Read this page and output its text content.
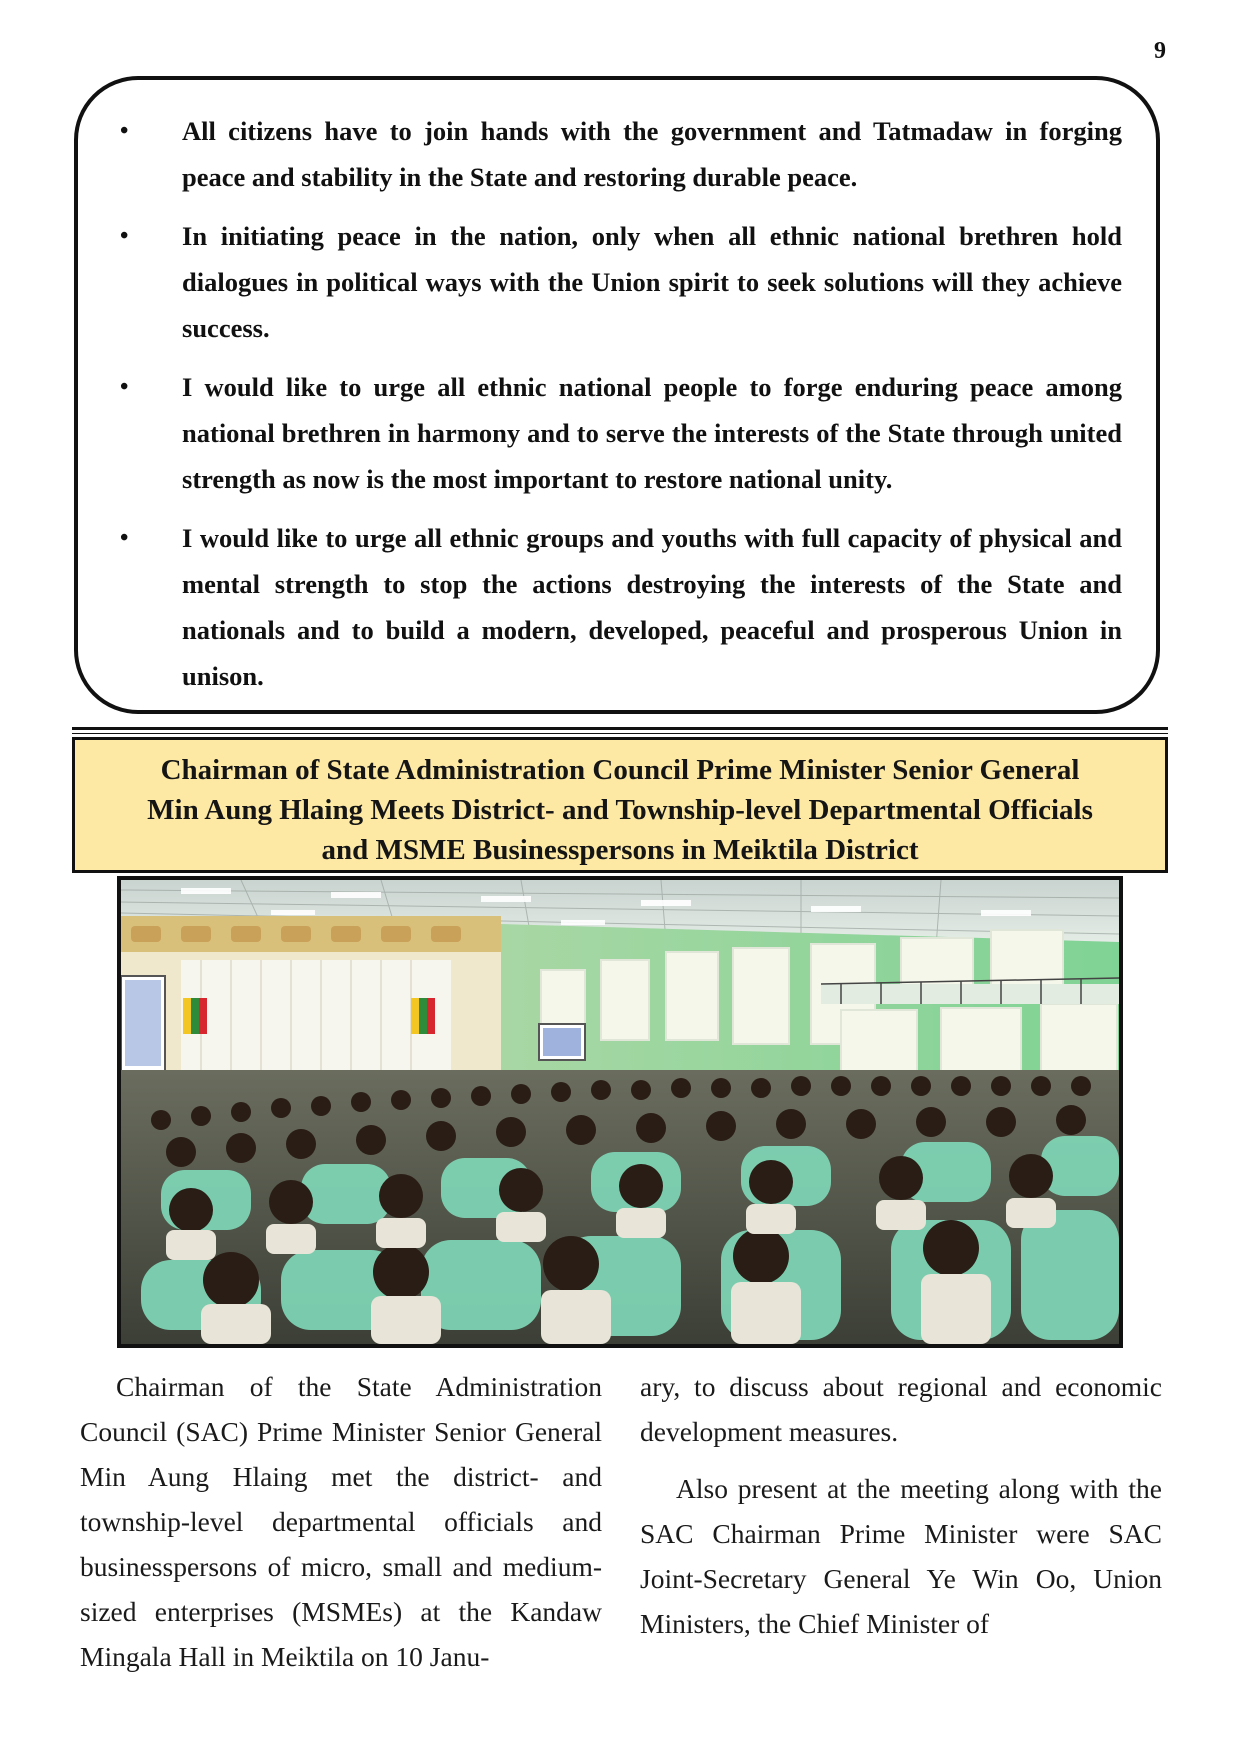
9
• All citizens have to join hands with the government and Tatmadaw in forging peace and stability in the State and restoring durable peace.
• In initiating peace in the nation, only when all ethnic national brethren hold dialogues in political ways with the Union spirit to seek solutions will they achieve success.
• I would like to urge all ethnic national people to forge enduring peace among national brethren in harmony and to serve the interests of the State through united strength as now is the most important to restore national unity.
• I would like to urge all ethnic groups and youths with full capacity of physical and mental strength to stop the actions destroying the interests of the State and nationals and to build a modern, developed, peaceful and prosperous Union in unison.
Chairman of State Administration Council Prime Minister Senior General
Min Aung Hlaing Meets District- and Township-level Departmental Officials
and MSME Businesspersons in Meiktila District

Chairman of the State Administration Council (SAC) Prime Minister Senior General Min Aung Hlaing met the district- and township-level departmental officials and businesspersons of micro, small and medium-sized enterprises (MSMEs) at the Kandaw Mingala Hall in Meiktila on 10 Janu-

ary, to discuss about regional and economic development measures.

Also present at the meeting along with the SAC Chairman Prime Minister were SAC Joint-Secretary General Ye Win Oo, Union Ministers, the Chief Minister of
